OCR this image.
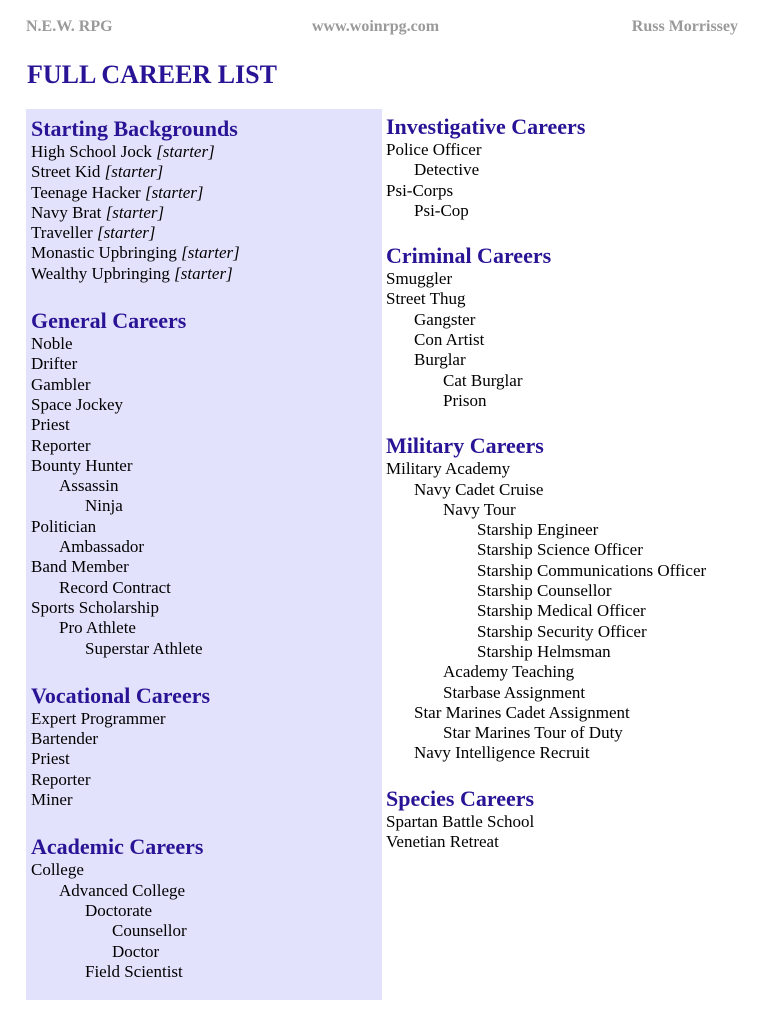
N.E.W. RPG	www.woinrpg.com	Russ Morrissey
FULL CAREER LIST
Starting Backgrounds
High School Jock [starter]
Street Kid [starter]
Teenage Hacker [starter]
Navy Brat [starter]
Traveller [starter]
Monastic Upbringing [starter]
Wealthy Upbringing [starter]
General Careers
Noble
Drifter
Gambler
Space Jockey
Priest
Reporter
Bounty Hunter
Assassin
Ninja
Politician
Ambassador
Band Member
Record Contract
Sports Scholarship
Pro Athlete
Superstar Athlete
Vocational Careers
Expert Programmer
Bartender
Priest
Reporter
Miner
Academic Careers
College
Advanced College
Doctorate
Counsellor
Doctor
Field Scientist
Investigative Careers
Police Officer
Detective
Psi-Corps
Psi-Cop
Criminal Careers
Smuggler
Street Thug
Gangster
Con Artist
Burglar
Cat Burglar
Prison
Military Careers
Military Academy
Navy Cadet Cruise
Navy Tour
Starship Engineer
Starship Science Officer
Starship Communications Officer
Starship Counsellor
Starship Medical Officer
Starship Security Officer
Starship Helmsman
Academy Teaching
Starbase Assignment
Star Marines Cadet Assignment
Star Marines Tour of Duty
Navy Intelligence Recruit
Species Careers
Spartan Battle School
Venetian Retreat
